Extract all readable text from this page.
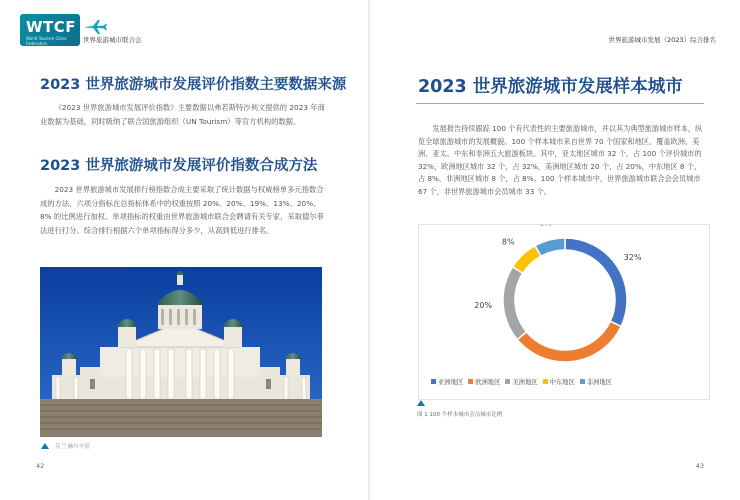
WTCF
World Tourism Cities Federation	世界旅游城市联合会
2023 世界旅游城市发展评价指数主要数据来源

《2023 世界旅游城市发展评价指数》主要数据以弗若斯特沙利文提供的 2023 年商业数据为基础，同时吸纳了联合国旅游组织（UN Tourism）等官方机构的数据。

2023 世界旅游城市发展评价指数合成方法

2023 世界旅游城市发展排行榜指数合成主要采取了统计数据与权威榜单多元指数合成的方法，六项分指标在总指标体系中的权重按照 20%、20%、19%、13%、20%、8% 的比例进行加权。单项指标的权重由世界旅游城市联合会聘请有关专家，采取德尔菲法进行打分。综合排行根据六个单项指标得分多少，从高到低进行排名。

芬兰 赫尔辛基
42
世界旅游城市发展（2023）综合排名
2023 世界旅游城市发展样本城市

发展报告持续跟踪 100 个有代表性的主要旅游城市，并以其为典型旅游城市样本，纵览全球旅游城市的发展概貌。100 个样本城市来自世界 70 个国家和地区，覆盖欧洲、美洲、亚太、中东和非洲五大旅游板块。其中，亚太地区城市 32 个，占 100 个评价城市的 32%，欧洲地区城市 32 个，占 32%，美洲地区城市 20 个，占 20%，中东地区 8 个，占 8%，非洲地区城市 8 个，占 8%。100 个样本城市中，世界旅游城市联合会会员城市 67 个，非世界旅游城市会员城市 33 个。

32%
20%
8%
亚洲地区 欧洲地区 美洲地区 中东地区 非洲地区
图 1 100 个样本城市会员城市比例
43
